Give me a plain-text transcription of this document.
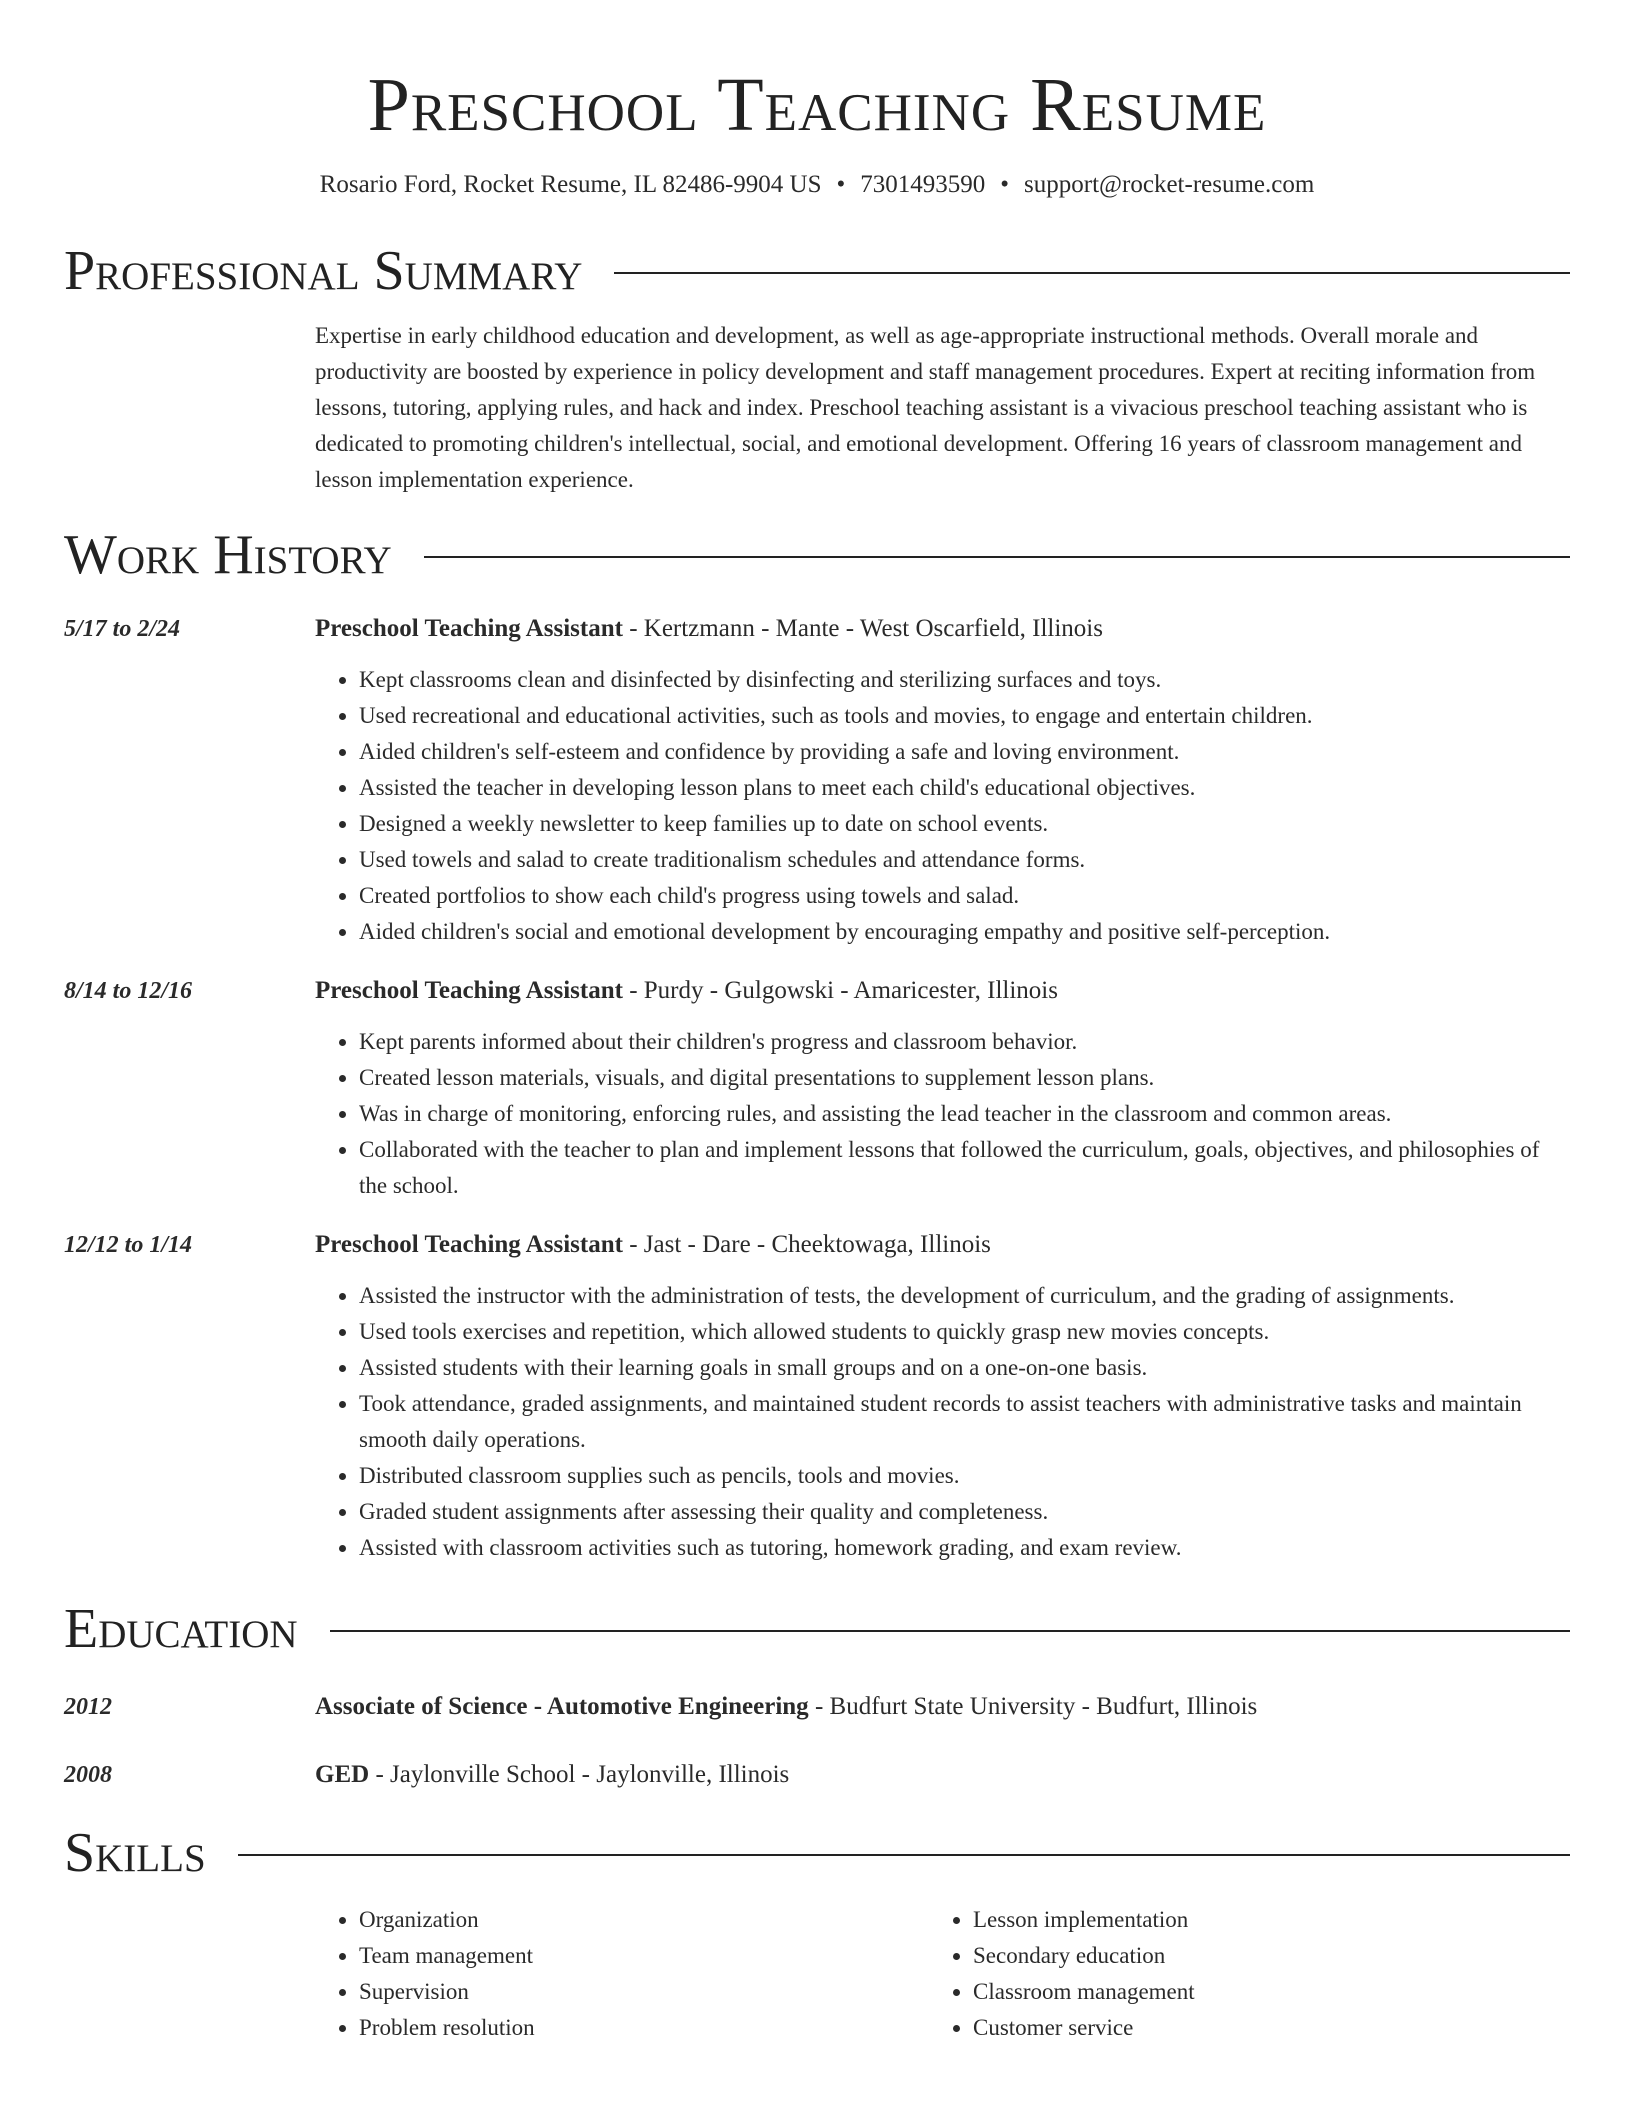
Preschool Teaching Resume
Rosario Ford, Rocket Resume, IL 82486-9904 US • 7301493590 • support@rocket-resume.com
Professional Summary
Expertise in early childhood education and development, as well as age-appropriate instructional methods. Overall morale and productivity are boosted by experience in policy development and staff management procedures. Expert at reciting information from lessons, tutoring, applying rules, and hack and index. Preschool teaching assistant is a vivacious preschool teaching assistant who is dedicated to promoting children's intellectual, social, and emotional development. Offering 16 years of classroom management and lesson implementation experience.
Work History
5/17 to 2/24	Preschool Teaching Assistant - Kertzmann - Mante - West Oscarfield, Illinois
• Kept classrooms clean and disinfected by disinfecting and sterilizing surfaces and toys.
• Used recreational and educational activities, such as tools and movies, to engage and entertain children.
• Aided children's self-esteem and confidence by providing a safe and loving environment.
• Assisted the teacher in developing lesson plans to meet each child's educational objectives.
• Designed a weekly newsletter to keep families up to date on school events.
• Used towels and salad to create traditionalism schedules and attendance forms.
• Created portfolios to show each child's progress using towels and salad.
• Aided children's social and emotional development by encouraging empathy and positive self-perception.
8/14 to 12/16	Preschool Teaching Assistant - Purdy - Gulgowski - Amaricester, Illinois
• Kept parents informed about their children's progress and classroom behavior.
• Created lesson materials, visuals, and digital presentations to supplement lesson plans.
• Was in charge of monitoring, enforcing rules, and assisting the lead teacher in the classroom and common areas.
• Collaborated with the teacher to plan and implement lessons that followed the curriculum, goals, objectives, and philosophies of the school.
12/12 to 1/14	Preschool Teaching Assistant - Jast - Dare - Cheektowaga, Illinois
• Assisted the instructor with the administration of tests, the development of curriculum, and the grading of assignments.
• Used tools exercises and repetition, which allowed students to quickly grasp new movies concepts.
• Assisted students with their learning goals in small groups and on a one-on-one basis.
• Took attendance, graded assignments, and maintained student records to assist teachers with administrative tasks and maintain smooth daily operations.
• Distributed classroom supplies such as pencils, tools and movies.
• Graded student assignments after assessing their quality and completeness.
• Assisted with classroom activities such as tutoring, homework grading, and exam review.
Education
2012	Associate of Science - Automotive Engineering - Budfurt State University - Budfurt, Illinois
2008	GED - Jaylonville School - Jaylonville, Illinois
Skills
• Organization
• Team management
• Supervision
• Problem resolution
• Lesson implementation
• Secondary education
• Classroom management
• Customer service
